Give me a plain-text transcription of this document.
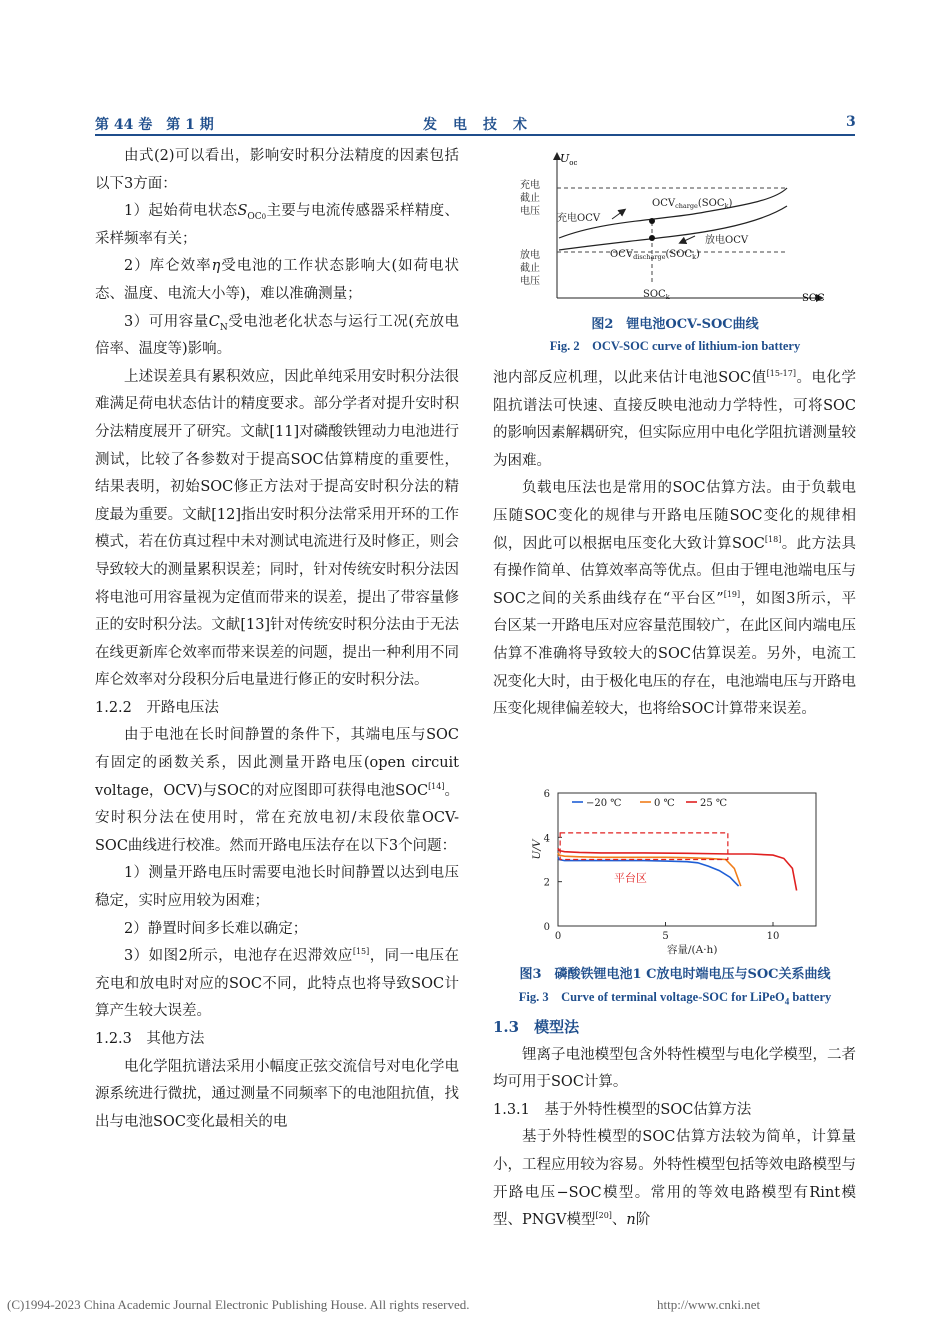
第 44 卷　第 1 期	发　电　技　术	3

由式(2)可以看出，影响安时积分法精度的因素包括以下3方面：

1）起始荷电状态$S_{OC0}$主要与电流传感器采样精度、采样频率有关；

2）库仑效率η受电池的工作状态影响大(如荷电状态、温度、电流大小等)，难以准确测量；

3）可用容量$C_N$受电池老化状态与运行工况(充放电倍率、温度等)影响。

上述误差具有累积效应，因此单纯采用安时积分法很难满足荷电状态估计的精度要求。部分学者对提升安时积分法精度展开了研究。文献[11]对磷酸铁锂动力电池进行测试，比较了各参数对于提高SOC估算精度的重要性，结果表明，初始SOC修正方法对于提高安时积分法的精度最为重要。文献[12]指出安时积分法常采用开环的工作模式，若在仿真过程中未对测试电流进行及时修正，则会导致较大的测量累积误差；同时，针对传统安时积分法因将电池可用容量视为定值而带来的误差，提出了带容量修正的安时积分法。文献[13]针对传统安时积分法由于无法在线更新库仑效率而带来误差的问题，提出一种利用不同库仑效率对分段积分后电量进行修正的安时积分法。

1.2.2　开路电压法

由于电池在长时间静置的条件下，其端电压与SOC有固定的函数关系，因此测量开路电压(open circuit voltage，OCV)与SOC的对应图即可获得电池SOC[14]。安时积分法在使用时，常在充放电初/末段依靠OCV-SOC曲线进行校准。然而开路电压法存在以下3个问题：

1）测量开路电压时需要电池长时间静置以达到电压稳定，实时应用较为困难；

2）静置时间多长难以确定；

3）如图2所示，电池存在迟滞效应[15]，同一电压在充电和放电时对应的SOC不同，此特点也将导致SOC计算产生较大误差。

1.2.3　其他方法

电化学阻抗谱法采用小幅度正弦交流信号对电化学电源系统进行微扰，通过测量不同频率下的电池阻抗值，找出与电池SOC变化最相关的电

$U_{oc}$
SOC
充电
截止
电压
放电
截止
电压
充电OCV
放电OCV
$OCV_{charge}(SOC_k)$
$OCV_{discharge}(SOC_k)$
$SOC_k$
图2　锂电池OCV-SOC曲线
Fig. 2　OCV-SOC curve of lithium-ion battery

池内部反应机理，以此来估计电池SOC值[15-17]。电化学阻抗谱法可快速、直接反映电池动力学特性，可将SOC的影响因素解耦研究，但实际应用中电化学阻抗谱测量较为困难。

负载电压法也是常用的SOC估算方法。由于负载电压随SOC变化的规律与开路电压随SOC变化的规律相似，因此可以根据电压变化大致计算SOC[18]。此方法具有操作简单、估算效率高等优点。但由于锂电池端电压与SOC之间的关系曲线存在“平台区”[19]，如图3所示，平台区某一开路电压对应容量范围较广，在此区间内端电压估算不准确将导致较大的SOC估算误差。另外，电流工况变化大时，由于极化电压的存在，电池端电压与开路电压变化规律偏差较大，也将给SOC计算带来误差。

0
2
4
6
0	5	10
平台区
−20 ℃	0 ℃	25 ℃
容量/(A·h)
U/V
图3　磷酸铁锂电池1 C放电时端电压与SOC关系曲线
Fig. 3　Curve of terminal voltage-SOC for LiPeO$_4$ battery

1.3　模型法

锂离子电池模型包含外特性模型与电化学模型，二者均可用于SOC计算。

1.3.1　基于外特性模型的SOC估算方法

基于外特性模型的SOC估算方法较为简单，计算量小，工程应用较为容易。外特性模型包括等效电路模型与开路电压−SOC模型。常用的等效电路模型有Rint模型、PNGV模型[20]、n阶

(C)1994-2023 China Academic Journal Electronic Publishing House. All rights reserved.	http://www.cnki.net
